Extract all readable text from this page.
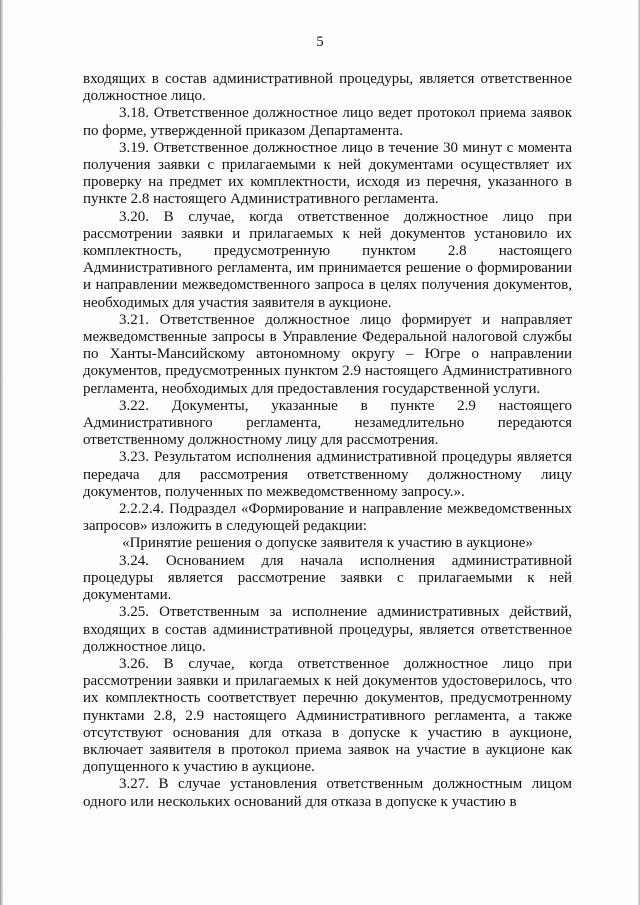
5

входящих в состав административной процедуры, является ответственное должностное лицо.

3.18. Ответственное должностное лицо ведет протокол приема заявок по форме, утвержденной приказом Департамента.

3.19. Ответственное должностное лицо в течение 30 минут с момента получения заявки с прилагаемыми к ней документами осуществляет их проверку на предмет их комплектности, исходя из перечня, указанного в пункте 2.8 настоящего Административного регламента.

3.20. В случае, когда ответственное должностное лицо при рассмотрении заявки и прилагаемых к ней документов установило их комплектность, предусмотренную пунктом 2.8 настоящего Административного регламента, им принимается решение о формировании и направлении межведомственного запроса в целях получения документов, необходимых для участия заявителя в аукционе.

3.21. Ответственное должностное лицо формирует и направляет межведомственные запросы в Управление Федеральной налоговой службы по Ханты-Мансийскому автономному округу – Югре о направлении документов, предусмотренных пунктом 2.9 настоящего Административного регламента, необходимых для предоставления государственной услуги.

3.22. Документы, указанные в пункте 2.9 настоящего Административного регламента, незамедлительно передаются ответственному должностному лицу для рассмотрения.

3.23. Результатом исполнения административной процедуры является передача для рассмотрения ответственному должностному лицу документов, полученных по межведомственному запросу.».

2.2.2.4. Подраздел «Формирование и направление межведомственных запросов» изложить в следующей редакции:

«Принятие решения о допуске заявителя к участию в аукционе»

3.24. Основанием для начала исполнения административной процедуры является рассмотрение заявки с прилагаемыми к ней документами.

3.25. Ответственным за исполнение административных действий, входящих в состав административной процедуры, является ответственное должностное лицо.

3.26. В случае, когда ответственное должностное лицо при рассмотрении заявки и прилагаемых к ней документов удостоверилось, что их комплектность соответствует перечню документов, предусмотренному пунктами 2.8, 2.9 настоящего Административного регламента, а также отсутствуют основания для отказа в допуске к участию в аукционе, включает заявителя в протокол приема заявок на участие в аукционе как допущенного к участию в аукционе.

3.27. В случае установления ответственным должностным лицом одного или нескольких оснований для отказа в допуске к участию в
